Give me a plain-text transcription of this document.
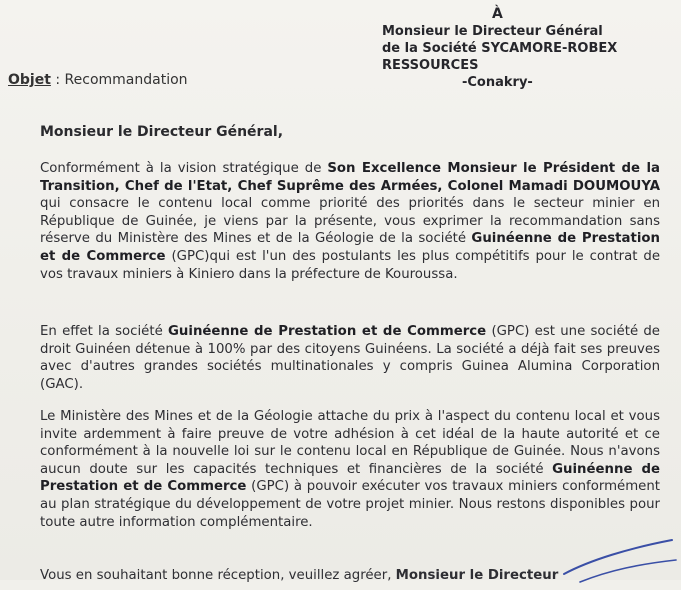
À
Monsieur le Directeur Général
de la Société SYCAMORE-ROBEX
RESSOURCES
-Conakry-
Objet : Recommandation
Monsieur le Directeur Général,
Conformément à la vision stratégique de Son Excellence Monsieur le Président de la Transition, Chef de l'Etat, Chef Suprême des Armées, Colonel Mamadi DOUMOUYA qui consacre le contenu local comme priorité des priorités dans le secteur minier en République de Guinée, je viens par la présente, vous exprimer la recommandation sans réserve du Ministère des Mines et de la Géologie de la société Guinéenne de Prestation et de Commerce (GPC)qui est l'un des postulants les plus compétitifs pour le contrat de vos travaux miniers à Kiniero dans la préfecture de Kouroussa.
En effet la société Guinéenne de Prestation et de Commerce (GPC) est une société de droit Guinéen détenue à 100% par des citoyens Guinéens. La société a déjà fait ses preuves avec d'autres grandes sociétés multinationales y compris Guinea Alumina Corporation (GAC).
Le Ministère des Mines et de la Géologie attache du prix à l'aspect du contenu local et vous invite ardemment à faire preuve de votre adhésion à cet idéal de la haute autorité et ce conformément à la nouvelle loi sur le contenu local en République de Guinée. Nous n'avons aucun doute sur les capacités techniques et financières de la société Guinéenne de Prestation et de Commerce (GPC) à pouvoir exécuter vos travaux miniers conformément au plan stratégique du développement de votre projet minier. Nous restons disponibles pour toute autre information complémentaire.
Vous en souhaitant bonne réception, veuillez agréer, Monsieur le Directeur
